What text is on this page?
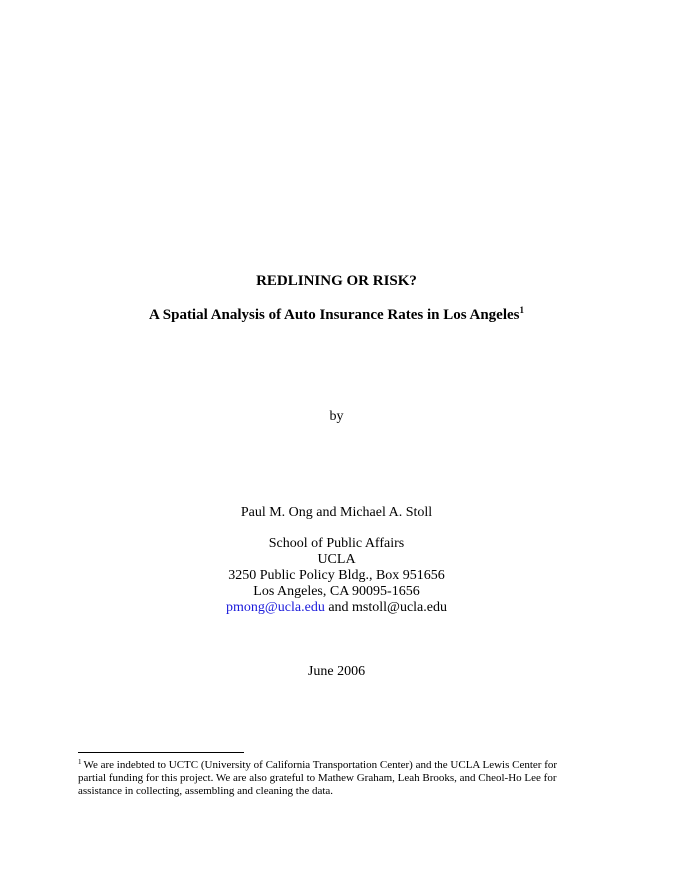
REDLINING OR RISK?
A Spatial Analysis of Auto Insurance Rates in Los Angeles$^1$
by
Paul M. Ong and Michael A. Stoll
School of Public Affairs
UCLA
3250 Public Policy Bldg., Box 951656
Los Angeles, CA 90095-1656
pmong@ucla.edu and mstoll@ucla.edu
June 2006
$^1$ We are indebted to UCTC (University of California Transportation Center) and the UCLA Lewis Center for
partial funding for this project. We are also grateful to Mathew Graham, Leah Brooks, and Cheol-Ho Lee for
assistance in collecting, assembling and cleaning the data.
